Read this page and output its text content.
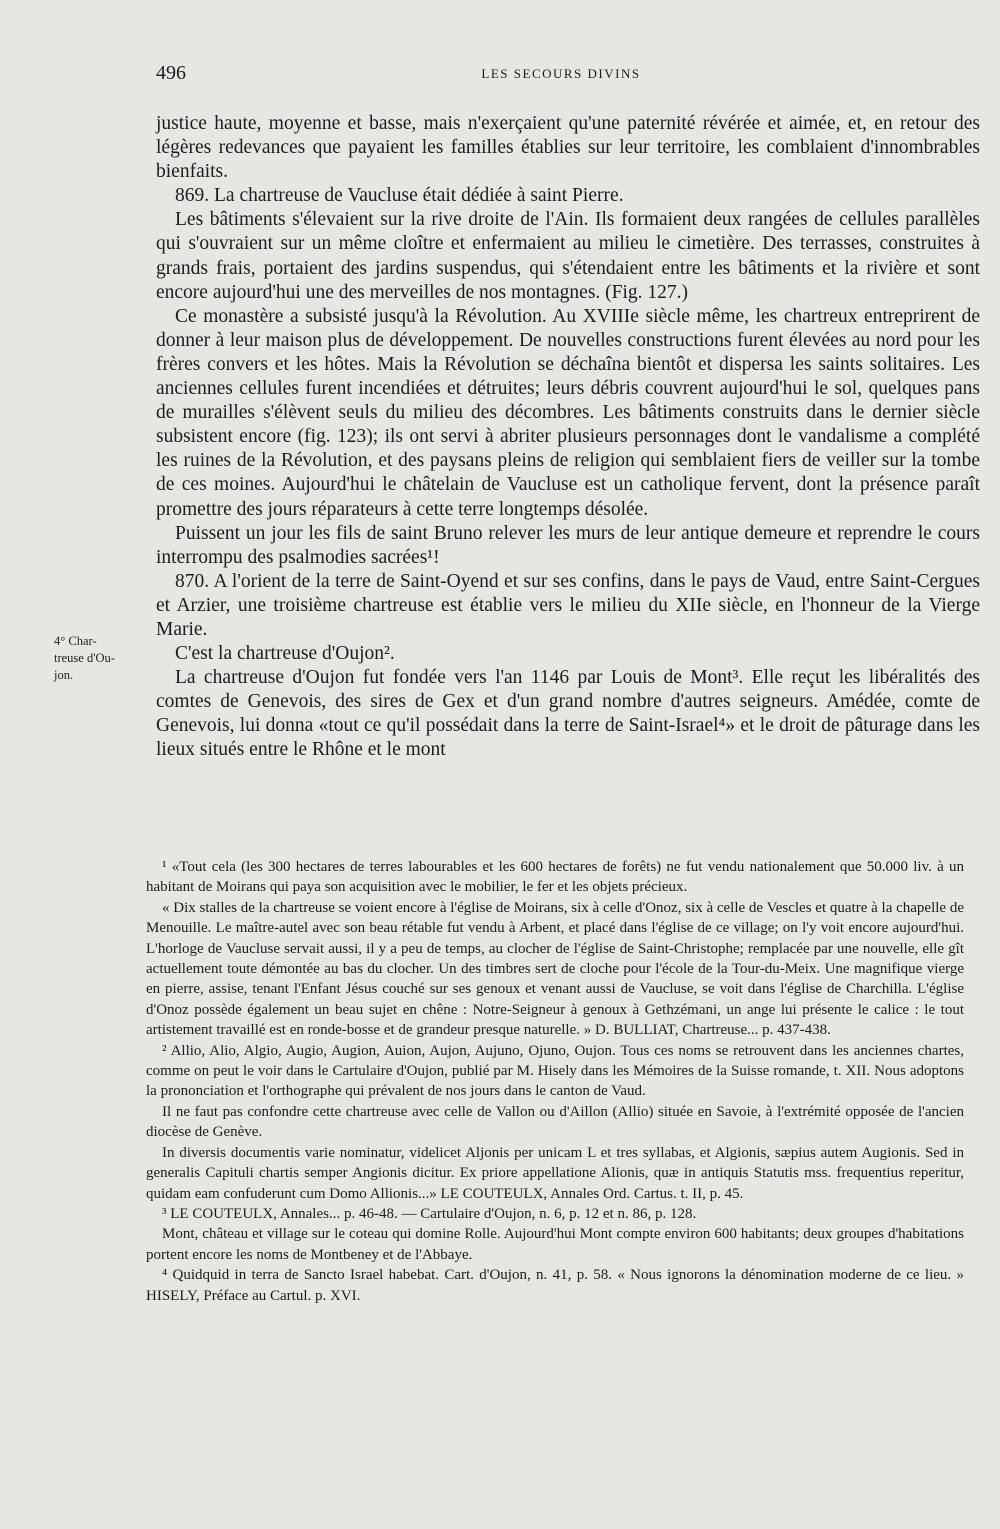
496	LES SECOURS DIVINS
4° Char-
treuse d'Ou-
jon.

justice haute, moyenne et basse, mais n'exerçaient qu'une paternité révérée et aimée, et, en retour des légères redevances que payaient les familles établies sur leur territoire, les comblaient d'innombrables bienfaits.

869. La chartreuse de Vaucluse était dédiée à saint Pierre.

Les bâtiments s'élevaient sur la rive droite de l'Ain. Ils formaient deux rangées de cellules parallèles qui s'ouvraient sur un même cloître et enfermaient au milieu le cimetière. Des terrasses, construites à grands frais, portaient des jardins suspendus, qui s'étendaient entre les bâtiments et la rivière et sont encore aujourd'hui une des merveilles de nos montagnes. (Fig. 127.)

Ce monastère a subsisté jusqu'à la Révolution. Au XVIIIe siècle même, les chartreux entreprirent de donner à leur maison plus de développement. De nouvelles constructions furent élevées au nord pour les frères convers et les hôtes. Mais la Révolution se déchaîna bientôt et dispersa les saints solitaires. Les anciennes cellules furent incendiées et détruites; leurs débris couvrent aujourd'hui le sol, quelques pans de murailles s'élèvent seuls du milieu des décombres. Les bâtiments construits dans le dernier siècle subsistent encore (fig. 123); ils ont servi à abriter plusieurs personnages dont le vandalisme a complété les ruines de la Révolution, et des paysans pleins de religion qui semblaient fiers de veiller sur la tombe de ces moines. Aujourd'hui le châtelain de Vaucluse est un catholique fervent, dont la présence paraît promettre des jours réparateurs à cette terre longtemps désolée.

Puissent un jour les fils de saint Bruno relever les murs de leur antique demeure et reprendre le cours interrompu des psalmodies sacrées¹!

870. A l'orient de la terre de Saint-Oyend et sur ses confins, dans le pays de Vaud, entre Saint-Cergues et Arzier, une troisième chartreuse est établie vers le milieu du XIIe siècle, en l'honneur de la Vierge Marie.

C'est la chartreuse d'Oujon².

La chartreuse d'Oujon fut fondée vers l'an 1146 par Louis de Mont³. Elle reçut les libéralités des comtes de Genevois, des sires de Gex et d'un grand nombre d'autres seigneurs. Amédée, comte de Genevois, lui donna «tout ce qu'il possédait dans la terre de Saint-Israel⁴» et le droit de pâturage dans les lieux situés entre le Rhône et le mont

¹ «Tout cela (les 300 hectares de terres labourables et les 600 hectares de forêts) ne fut vendu nationalement que 50.000 liv. à un habitant de Moirans qui paya son acquisition avec le mobilier, le fer et les objets précieux.

« Dix stalles de la chartreuse se voient encore à l'église de Moirans, six à celle d'Onoz, six à celle de Vescles et quatre à la chapelle de Menouille. Le maître-autel avec son beau rétable fut vendu à Arbent, et placé dans l'église de ce village; on l'y voit encore aujourd'hui. L'horloge de Vaucluse servait aussi, il y a peu de temps, au clocher de l'église de Saint-Christophe; remplacée par une nouvelle, elle gît actuellement toute démontée au bas du clocher. Un des timbres sert de cloche pour l'école de la Tour-du-Meix. Une magnifique vierge en pierre, assise, tenant l'Enfant Jésus couché sur ses genoux et venant aussi de Vaucluse, se voit dans l'église de Charchilla. L'église d'Onoz possède également un beau sujet en chêne : Notre-Seigneur à genoux à Gethzémani, un ange lui présente le calice : le tout artistement travaillé est en ronde-bosse et de grandeur presque naturelle. » D. BULLIAT, Chartreuse... p. 437-438.

² Allio, Alio, Algio, Augio, Augion, Auion, Aujon, Aujuno, Ojuno, Oujon. Tous ces noms se retrouvent dans les anciennes chartes, comme on peut le voir dans le Cartulaire d'Oujon, publié par M. Hisely dans les Mémoires de la Suisse romande, t. XII. Nous adoptons la prononciation et l'orthographe qui prévalent de nos jours dans le canton de Vaud.

Il ne faut pas confondre cette chartreuse avec celle de Vallon ou d'Aillon (Allio) située en Savoie, à l'extrémité opposée de l'ancien diocèse de Genève.

In diversis documentis varie nominatur, videlicet Aljonis per unicam L et tres syllabas, et Algionis, sæpius autem Augionis. Sed in generalis Capituli chartis semper Angionis dicitur. Ex priore appellatione Alionis, quæ in antiquis Statutis mss. frequentius reperitur, quidam eam confuderunt cum Domo Allionis...» LE COUTEULX, Annales Ord. Cartus. t. II, p. 45.

³ LE COUTEULX, Annales... p. 46-48. — Cartulaire d'Oujon, n. 6, p. 12 et n. 86, p. 128.

Mont, château et village sur le coteau qui domine Rolle. Aujourd'hui Mont compte environ 600 habitants; deux groupes d'habitations portent encore les noms de Montbeney et de l'Abbaye.

⁴ Quidquid in terra de Sancto Israel habebat. Cart. d'Oujon, n. 41, p. 58. « Nous ignorons la dénomination moderne de ce lieu. » HISELY, Préface au Cartul. p. XVI.
